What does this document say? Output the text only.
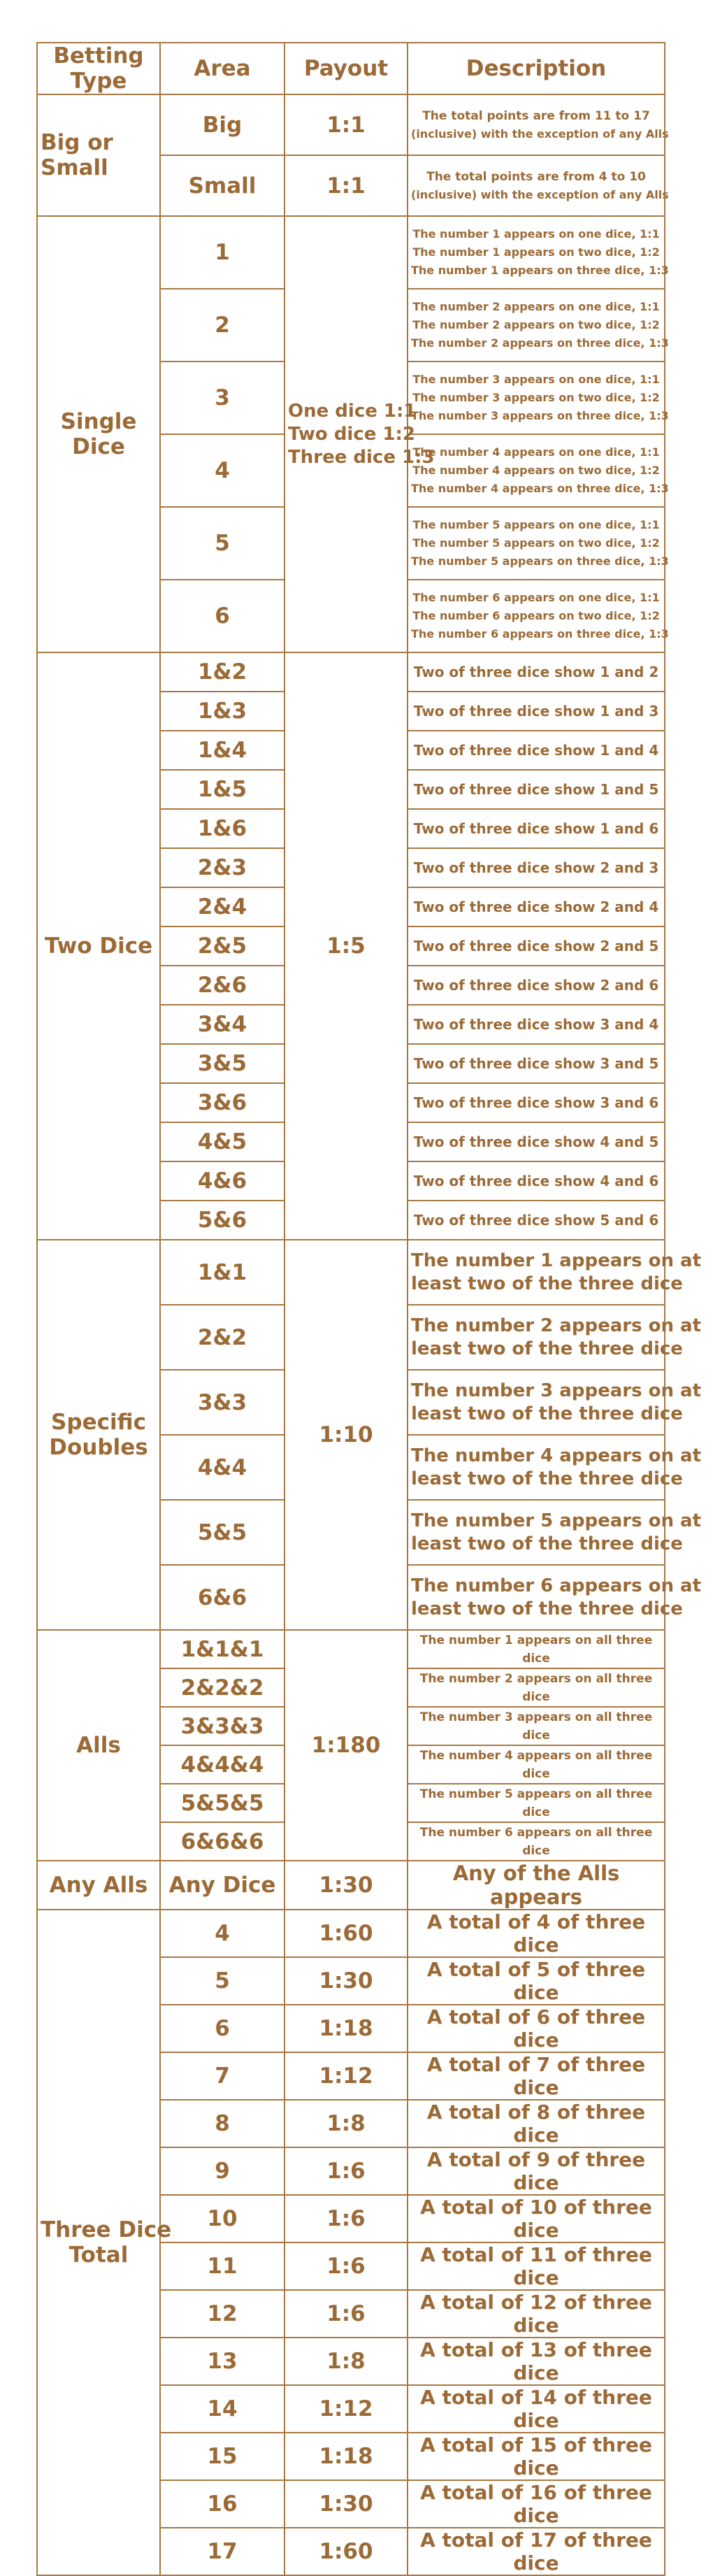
Betting Type	Area	Payout	Description
Big or Small	Big	1:1	The total points are from 11 to 17
(inclusive) with the exception of any Alls

	Small	1:1	The total points are from 4 to 10
(inclusive) with the exception of any Alls

Single Dice	1	One dice 1:1
Two dice 1:2
Three dice 1:3	The number 1 appears on one dice, 1:1
The number 1 appears on two dice, 1:2
The number 1 appears on three dice, 1:3

	2		The number 2 appears on one dice, 1:1
The number 2 appears on two dice, 1:2
The number 2 appears on three dice, 1:3

	3		The number 3 appears on one dice, 1:1
The number 3 appears on two dice, 1:2
The number 3 appears on three dice, 1:3

	4		The number 4 appears on one dice, 1:1
The number 4 appears on two dice, 1:2
The number 4 appears on three dice, 1:3

	5		The number 5 appears on one dice, 1:1
The number 5 appears on two dice, 1:2
The number 5 appears on three dice, 1:3

	6		The number 6 appears on one dice, 1:1
The number 6 appears on two dice, 1:2
The number 6 appears on three dice, 1:3

Two Dice	1&2	1:5	Two of three dice show 1 and 2
	1&3		Two of three dice show 1 and 3
	1&4		Two of three dice show 1 and 4
	1&5		Two of three dice show 1 and 5
	1&6		Two of three dice show 1 and 6
	2&3		Two of three dice show 2 and 3
	2&4		Two of three dice show 2 and 4
	2&5		Two of three dice show 2 and 5
	2&6		Two of three dice show 2 and 6
	3&4		Two of three dice show 3 and 4
	3&5		Two of three dice show 3 and 5
	3&6		Two of three dice show 3 and 6
	4&5		Two of three dice show 4 and 5
	4&6		Two of three dice show 4 and 6
	5&6		Two of three dice show 5 and 6

Specific
Doubles	1&1	1:10	The number 1 appears on at
least two of the three dice

	2&2		The number 2 appears on at
least two of the three dice

	3&3		The number 3 appears on at
least two of the three dice

	4&4		The number 4 appears on at
least two of the three dice

	5&5		The number 5 appears on at
least two of the three dice

	6&6		The number 6 appears on at
least two of the three dice

Alls	1&1&1	1:180	The number 1 appears on all three dice
	2&2&2		The number 2 appears on all three dice
	3&3&3		The number 3 appears on all three dice
	4&4&4		The number 4 appears on all three dice
	5&5&5		The number 5 appears on all three dice
	6&6&6		The number 6 appears on all three dice
Any Alls	Any Dice	1:30	Any of the Alls appears

Three Dice
Total	4	1:60	A total of 4 of three dice
	5	1:30	A total of 5 of three dice
	6	1:18	A total of 6 of three dice
	7	1:12	A total of 7 of three dice
	8	1:8	A total of 8 of three dice
	9	1:6	A total of 9 of three dice
	10	1:6	A total of 10 of three dice
	11	1:6	A total of 11 of three dice
	12	1:6	A total of 12 of three dice
	13	1:8	A total of 13 of three dice
	14	1:12	A total of 14 of three dice
	15	1:18	A total of 15 of three dice
	16	1:30	A total of 16 of three dice
	17	1:60	A total of 17 of three dice
